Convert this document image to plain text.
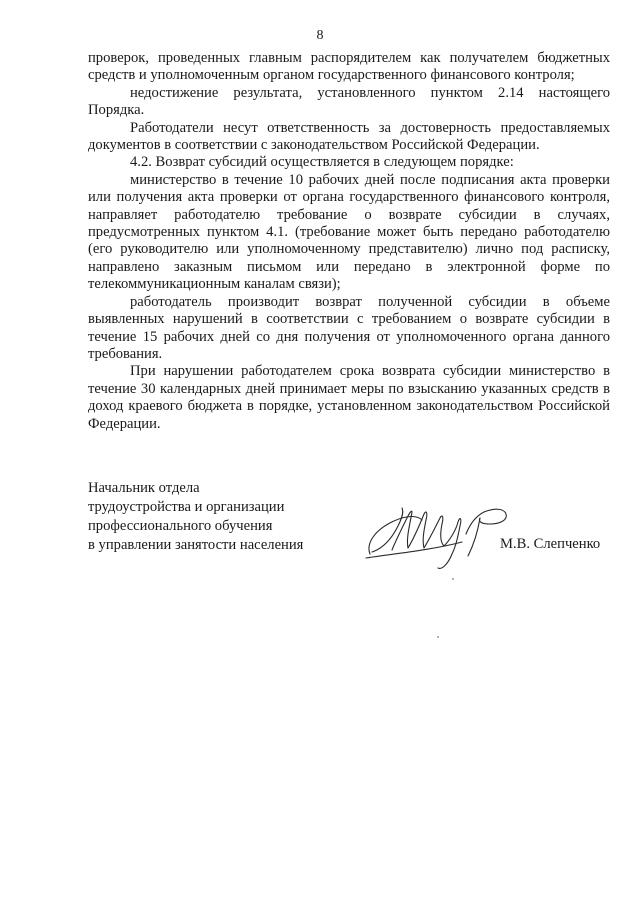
8

проверок, проведенных главным распорядителем как получателем бюджетных средств и уполномоченным органом государственного финансового контроля;

недостижение результата, установленного пунктом 2.14 настоящего Порядка.

Работодатели несут ответственность за достоверность предоставляемых документов в соответствии с законодательством Российской Федерации.

4.2. Возврат субсидий осуществляется в следующем порядке:

министерство в течение 10 рабочих дней после подписания акта проверки или получения акта проверки от органа государственного финансового контроля, направляет работодателю требование о возврате субсидии в случаях, предусмотренных пунктом 4.1. (требование может быть передано работодателю (его руководителю или уполномоченному представителю) лично под расписку, направлено заказным письмом или передано в электронной форме по телекоммуникационным каналам связи);

работодатель производит возврат полученной субсидии в объеме выявленных нарушений в соответствии с требованием о возврате субсидии в течение 15 рабочих дней со дня получения от уполномоченного органа данного требования.

При нарушении работодателем срока возврата субсидии министерство в течение 30 календарных дней принимает меры по взысканию указанных средств в доход краевого бюджета в порядке, установленном законодательством Российской Федерации.

Начальник отдела
трудоустройства и организации
профессионального обучения
в управлении занятости населения	М.В. Слепченко
